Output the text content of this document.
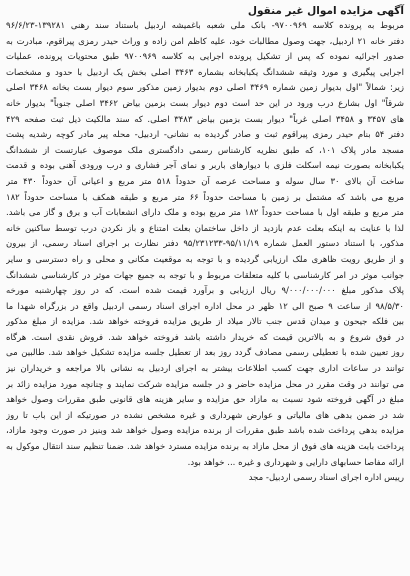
آگهی مزایده اموال غیر منقول
مربوط به پرونده کلاسه ۹۷۰۰۹۶۹- بانک ملی شعبه باغمیشه اردبیل باستناد سند رهنی ۱۳۹۲۸۱-۹۶/۶/۲۳
دفتر خانه ۲۱ اردبیل، جهت وصول مطالبات خود، علیه کاظم امن زاده و وراث حیدر رمزی پیراقوم، مبادرت به
صدور اجرائیه نموده که پس از تشکیل پرونده اجرایی به کلاسه ۹۷۰۰۹۶۹ طبق محتویات پرونده، عملیات
اجرایی پیگیری و مورد وثیقه ششدانگ یکبابخانه بشماره ۳۴۶۳ اصلی بخش یک اردبیل با حدود و مشخصات
زیر: شمالاً "اول بدیوار زمین شماره ۳۴۶۹ اصلی دوم بدیوار زمین مذکور سوم دیوار بست بخانه ۳۴۶۸ اصلی
شرقاً" اول بشارع درب ورود در این حد است دوم دیوار بست بزمین بیاض ۳۴۶۲ اصلی جنوباً" بدیوار خانه
های ۳۴۵۷ و ۳۴۵۸ اصلی غرباً" دیوار بست بزمین بیاض ۳۴۸۳ اصلی. که سند مالکیت ذیل ثبت صفحه ۴۲۹
دفتر ۵۴ بنام حیدر رمزی پیراقوم ثبت و صادر گردیده به نشانی- اردبیل- محله پیر مادر کوچه رشدیه پشت
مسجد مادر پلاک ۱۰۱، که طبق نظریه کارشناس رسمی دادگستری ملک موصوف عبارتست از ششدانگ
یکبابخانه بصورت نیمه اسکلت فلزی با دیوارهای باربر و نمای آجر فشاری و درب ورودی آهنی بوده و قدمت
ساخت آن بالای ۳۰ سال سوله و مساحت عرصه آن حدوداً ۵۱۸ متر مربع و اعیانی آن حدوداً ۴۳۰ متر
مربع می باشد که مشتمل بر زمین با مساحت حدوداً ۶۶ متر مربع و طبقه همکف با مساحت حدوداً ۱۸۲
متر مربع و طبقه اول با مساحت حدوداً ۱۸۲ متر مربع بوده و ملک دارای انشعابات آب و برق و گاز می باشد.
لذا با عنایت به اینکه بعلت عدم بازدید از داخل ساختمان بعلت امتناع و باز نکردن درب توسط ساکنین خانه
مذکور، با استناد دستور العمل شماره ۹۵/۱۱/۱۹-۹۵/۲۳۱۲۳۳ دفتر نظارت بر اجرای اسناد رسمی، از بیرون
و از طریق رویت ظاهری ملک ارزیابی گردیده و با توجه به موقعیت مکانی و محلی و راه دسترسی و سایر
جوانب موثر در امر کارشناسی با کلیه متعلقات مربوط و با توجه به جمیع جهات موثر در کارشناسی ششدانگ
پلاک مذکور مبلغ ۹/۰۰۰/۰۰۰/۰۰۰ ریال ارزیابی و برآورد قیمت شده است. که در روز چهارشنبه مورخه
۹۸/۵/۳۰ از ساعت ۹ صبح الی ۱۲ ظهر در محل اداره اجرای اسناد رسمی اردبیل واقع در بزرگراه شهدا ما
بین فلکه جیحون و میدان قدس جنب تالار میلاد از طریق مزایده فروخته خواهد شد. مزایده از مبلغ مذکور
در فوق شروع و به بالاترین قیمت که خریدار داشته باشد فروخته خواهد شد. فروش نقدی است. هرگاه
روز تعیین شده با تعطیلی رسمی مصادف گردد روز بعد از تعطیل جلسه مزایده تشکیل خواهد شد. طالبین می
توانند در ساعات اداری جهت کسب اطلاعات بیشتر به اجرای اردبیل به نشانی بالا مراجعه و خریداران نیز
می توانند در وقت مقرر در محل مزایده حاضر و در جلسه مزایده شرکت نمایند و چنانچه مورد مزایده زائد بر
مبلغ در آگهی فروخته شود نسبت به مازاد حق مزایده و سایر هزینه های قانونی طبق مقررات وصول خواهد
شد در ضمن بدهی های مالیاتی و عوارض شهرداری و غیره مشخص نشده در صورتیکه از این باب تا روز
مزایده بدهی پرداخت شده باشد طبق مقررات از برنده مزایده وصول خواهد شد وبنیز در صورت وجود مازاد،
پرداخت بابت هزینه های فوق از محل مازاد به برنده مزایده مسترد خواهد شد. ضمنا تنظیم سند انتقال موکول به
ارائه مفاصا حسابهای دارایی و شهرداری و غیره ... خواهد بود.
رییس اداره اجرای اسناد رسمی اردبیل- مجد
